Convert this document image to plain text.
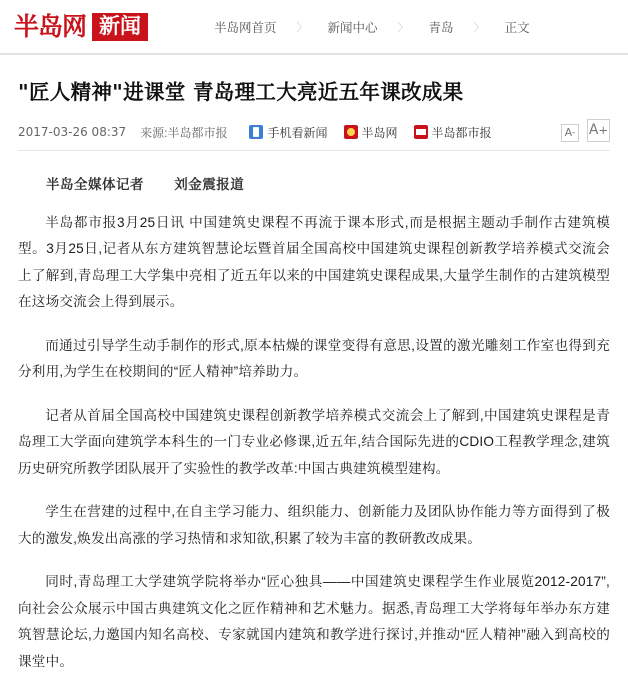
半岛网 新闻	半岛网首页 〉 新闻中心 〉 青岛 〉 正文
"匠人精神"进课堂 青岛理工大亮近五年课改成果
2017-03-26 08:37 来源:半岛都市报	手机看新闻	半岛网	半岛都市报	A - A +
半岛全媒体记者 刘金震报道

半岛都市报3月25日讯 中国建筑史课程不再流于课本形式,而是根据主题动手制作古建筑模型。3月25日,记者从东方建筑智慧论坛暨首届全国高校中国建筑史课程创新教学培养模式交流会上了解到,青岛理工大学集中亮相了近五年以来的中国建筑史课程成果,大量学生制作的古建筑模型在这场交流会上得到展示。

而通过引导学生动手制作的形式,原本枯燥的课堂变得有意思,设置的激光雕刻工作室也得到充分利用,为学生在校期间的“匠人精神”培养助力。

记者从首届全国高校中国建筑史课程创新教学培养模式交流会上了解到,中国建筑史课程是青岛理工大学面向建筑学本科生的一门专业必修课,近五年,结合国际先进的CDIO工程教学理念,建筑历史研究所教学团队展开了实验性的教学改革:中国古典建筑模型建构。

学生在营建的过程中,在自主学习能力、组织能力、创新能力及团队协作能力等方面得到了极大的激发,焕发出高涨的学习热情和求知欲,积累了较为丰富的教研教改成果。

同时,青岛理工大学建筑学院将举办“匠心独具——中国建筑史课程学生作业展览2012-2017”,向社会公众展示中国古典建筑文化之匠作精神和艺术魅力。据悉,青岛理工大学将每年举办东方建筑智慧论坛,力邀国内知名高校、专家就国内建筑和教学进行探讨,并推动“匠人精神”融入到高校的课堂中。
